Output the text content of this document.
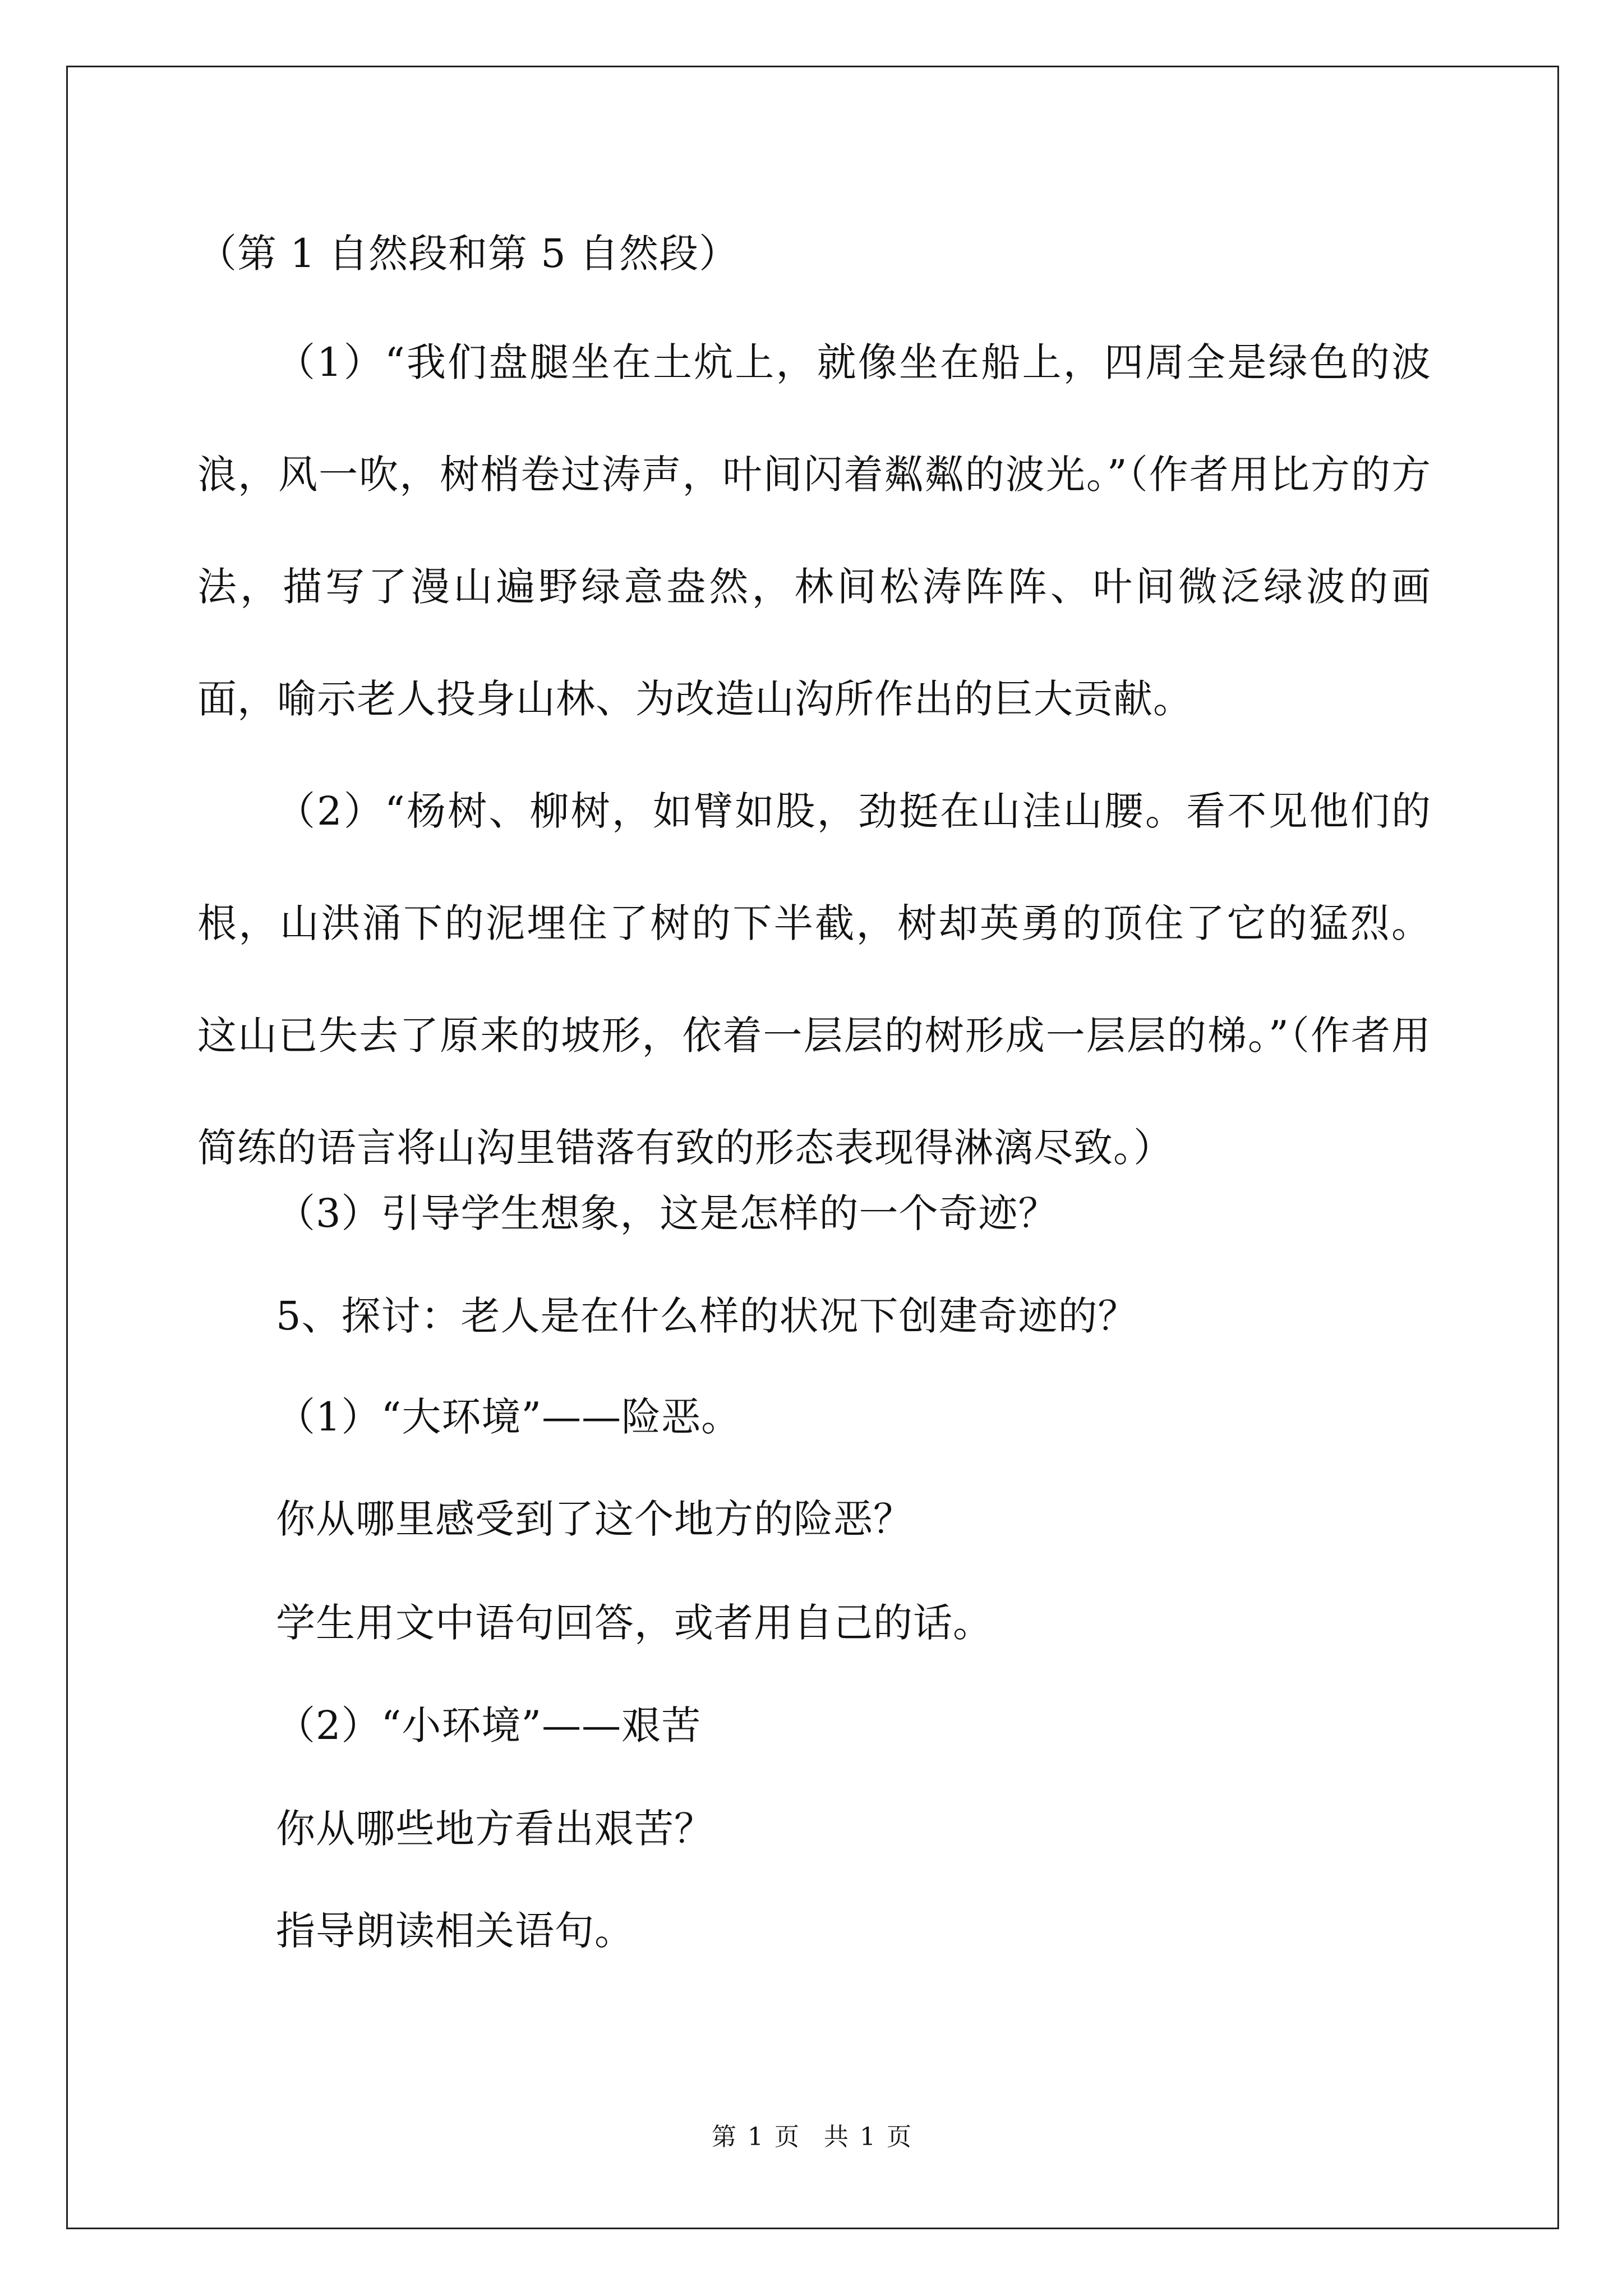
（第 1 自然段和第 5 自然段）

（1）“我们盘腿坐在土炕上，就像坐在船上，四周全是绿色的波浪，风一吹，树梢卷过涛声，叶间闪着粼粼的波光。”（作者用比方的方法，描写了漫山遍野绿意盎然，林间松涛阵阵、叶间微泛绿波的画面，喻示老人投身山林、为改造山沟所作出的巨大贡献。

（2）“杨树、柳树，如臂如股，劲挺在山洼山腰。看不见他们的根，山洪涌下的泥埋住了树的下半截，树却英勇的顶住了它的猛烈。这山已失去了原来的坡形，依着一层层的树形成一层层的梯。”（作者用简练的语言将山沟里错落有致的形态表现得淋漓尽致。）

（3）引导学生想象，这是怎样的一个奇迹？

5、探讨：老人是在什么样的状况下创建奇迹的？

（1）“大环境”——险恶。

你从哪里感受到了这个地方的险恶？

学生用文中语句回答，或者用自己的话。

（2）“小环境”——艰苦

你从哪些地方看出艰苦？

指导朗读相关语句。

第 1 页　共 1 页
